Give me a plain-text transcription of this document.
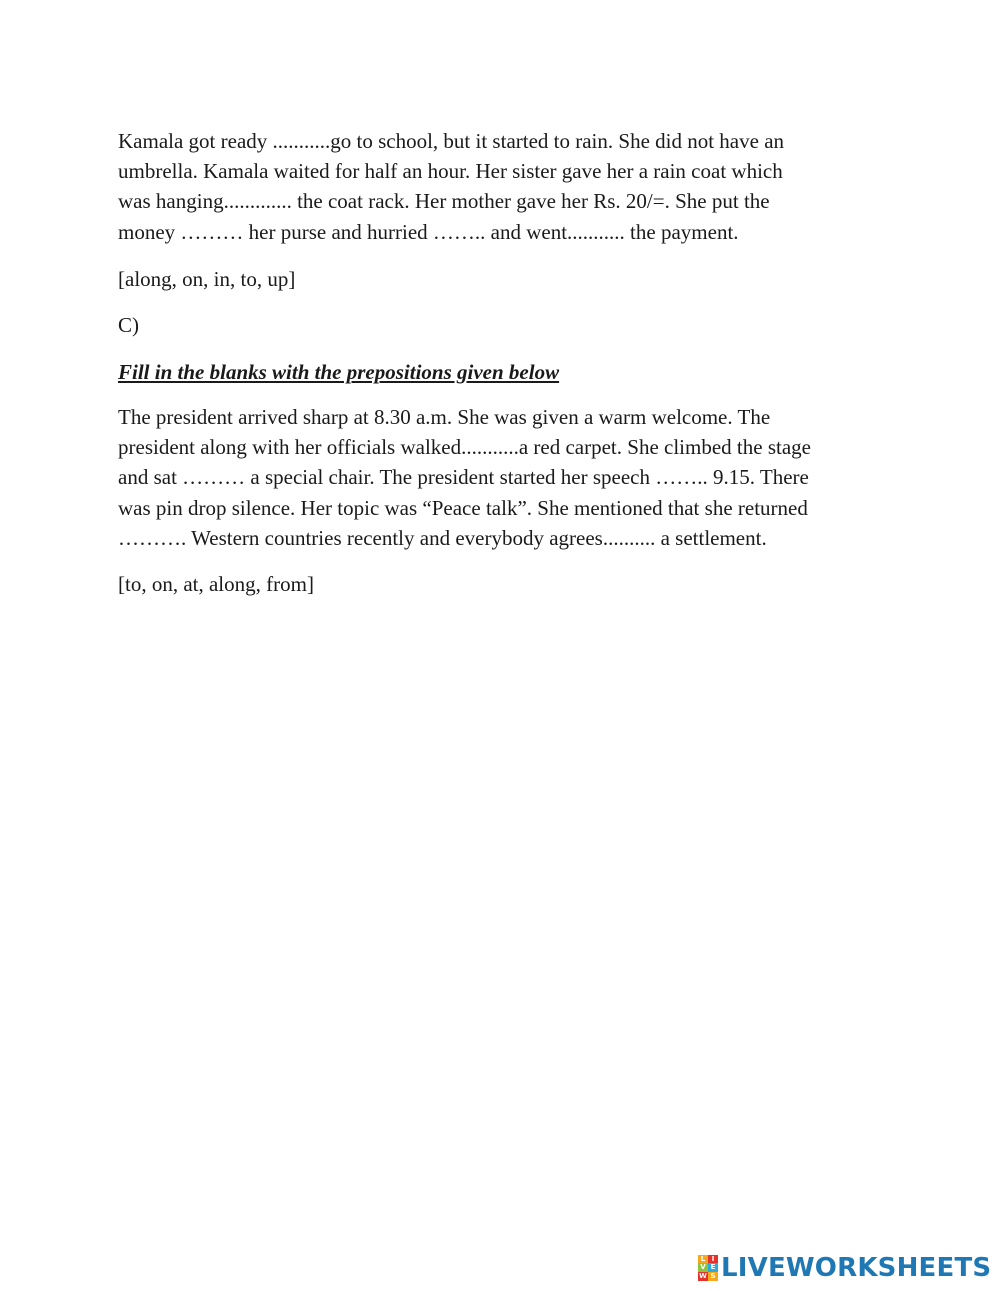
Kamala got ready ...........go to school, but it started to rain. She did not have an
umbrella. Kamala waited for half an hour. Her sister gave her a rain coat which
was hanging............. the coat rack. Her mother gave her Rs. 20/=. She put the
money ……… her purse and hurried …….. and went........... the payment.

[along, on, in, to, up]

C)

Fill in the blanks with the prepositions given below

The president arrived sharp at 8.30 a.m. She was given a warm welcome. The
president along with her officials walked...........a red carpet. She climbed the stage
and sat ……… a special chair. The president started her speech …….. 9.15. There
was pin drop silence. Her topic was “Peace talk”. She mentioned that she returned
………. Western countries recently and everybody agrees.......... a settlement.

[to, on, at, along, from]

L I
V E
W S LIVEWORKSHEETS
